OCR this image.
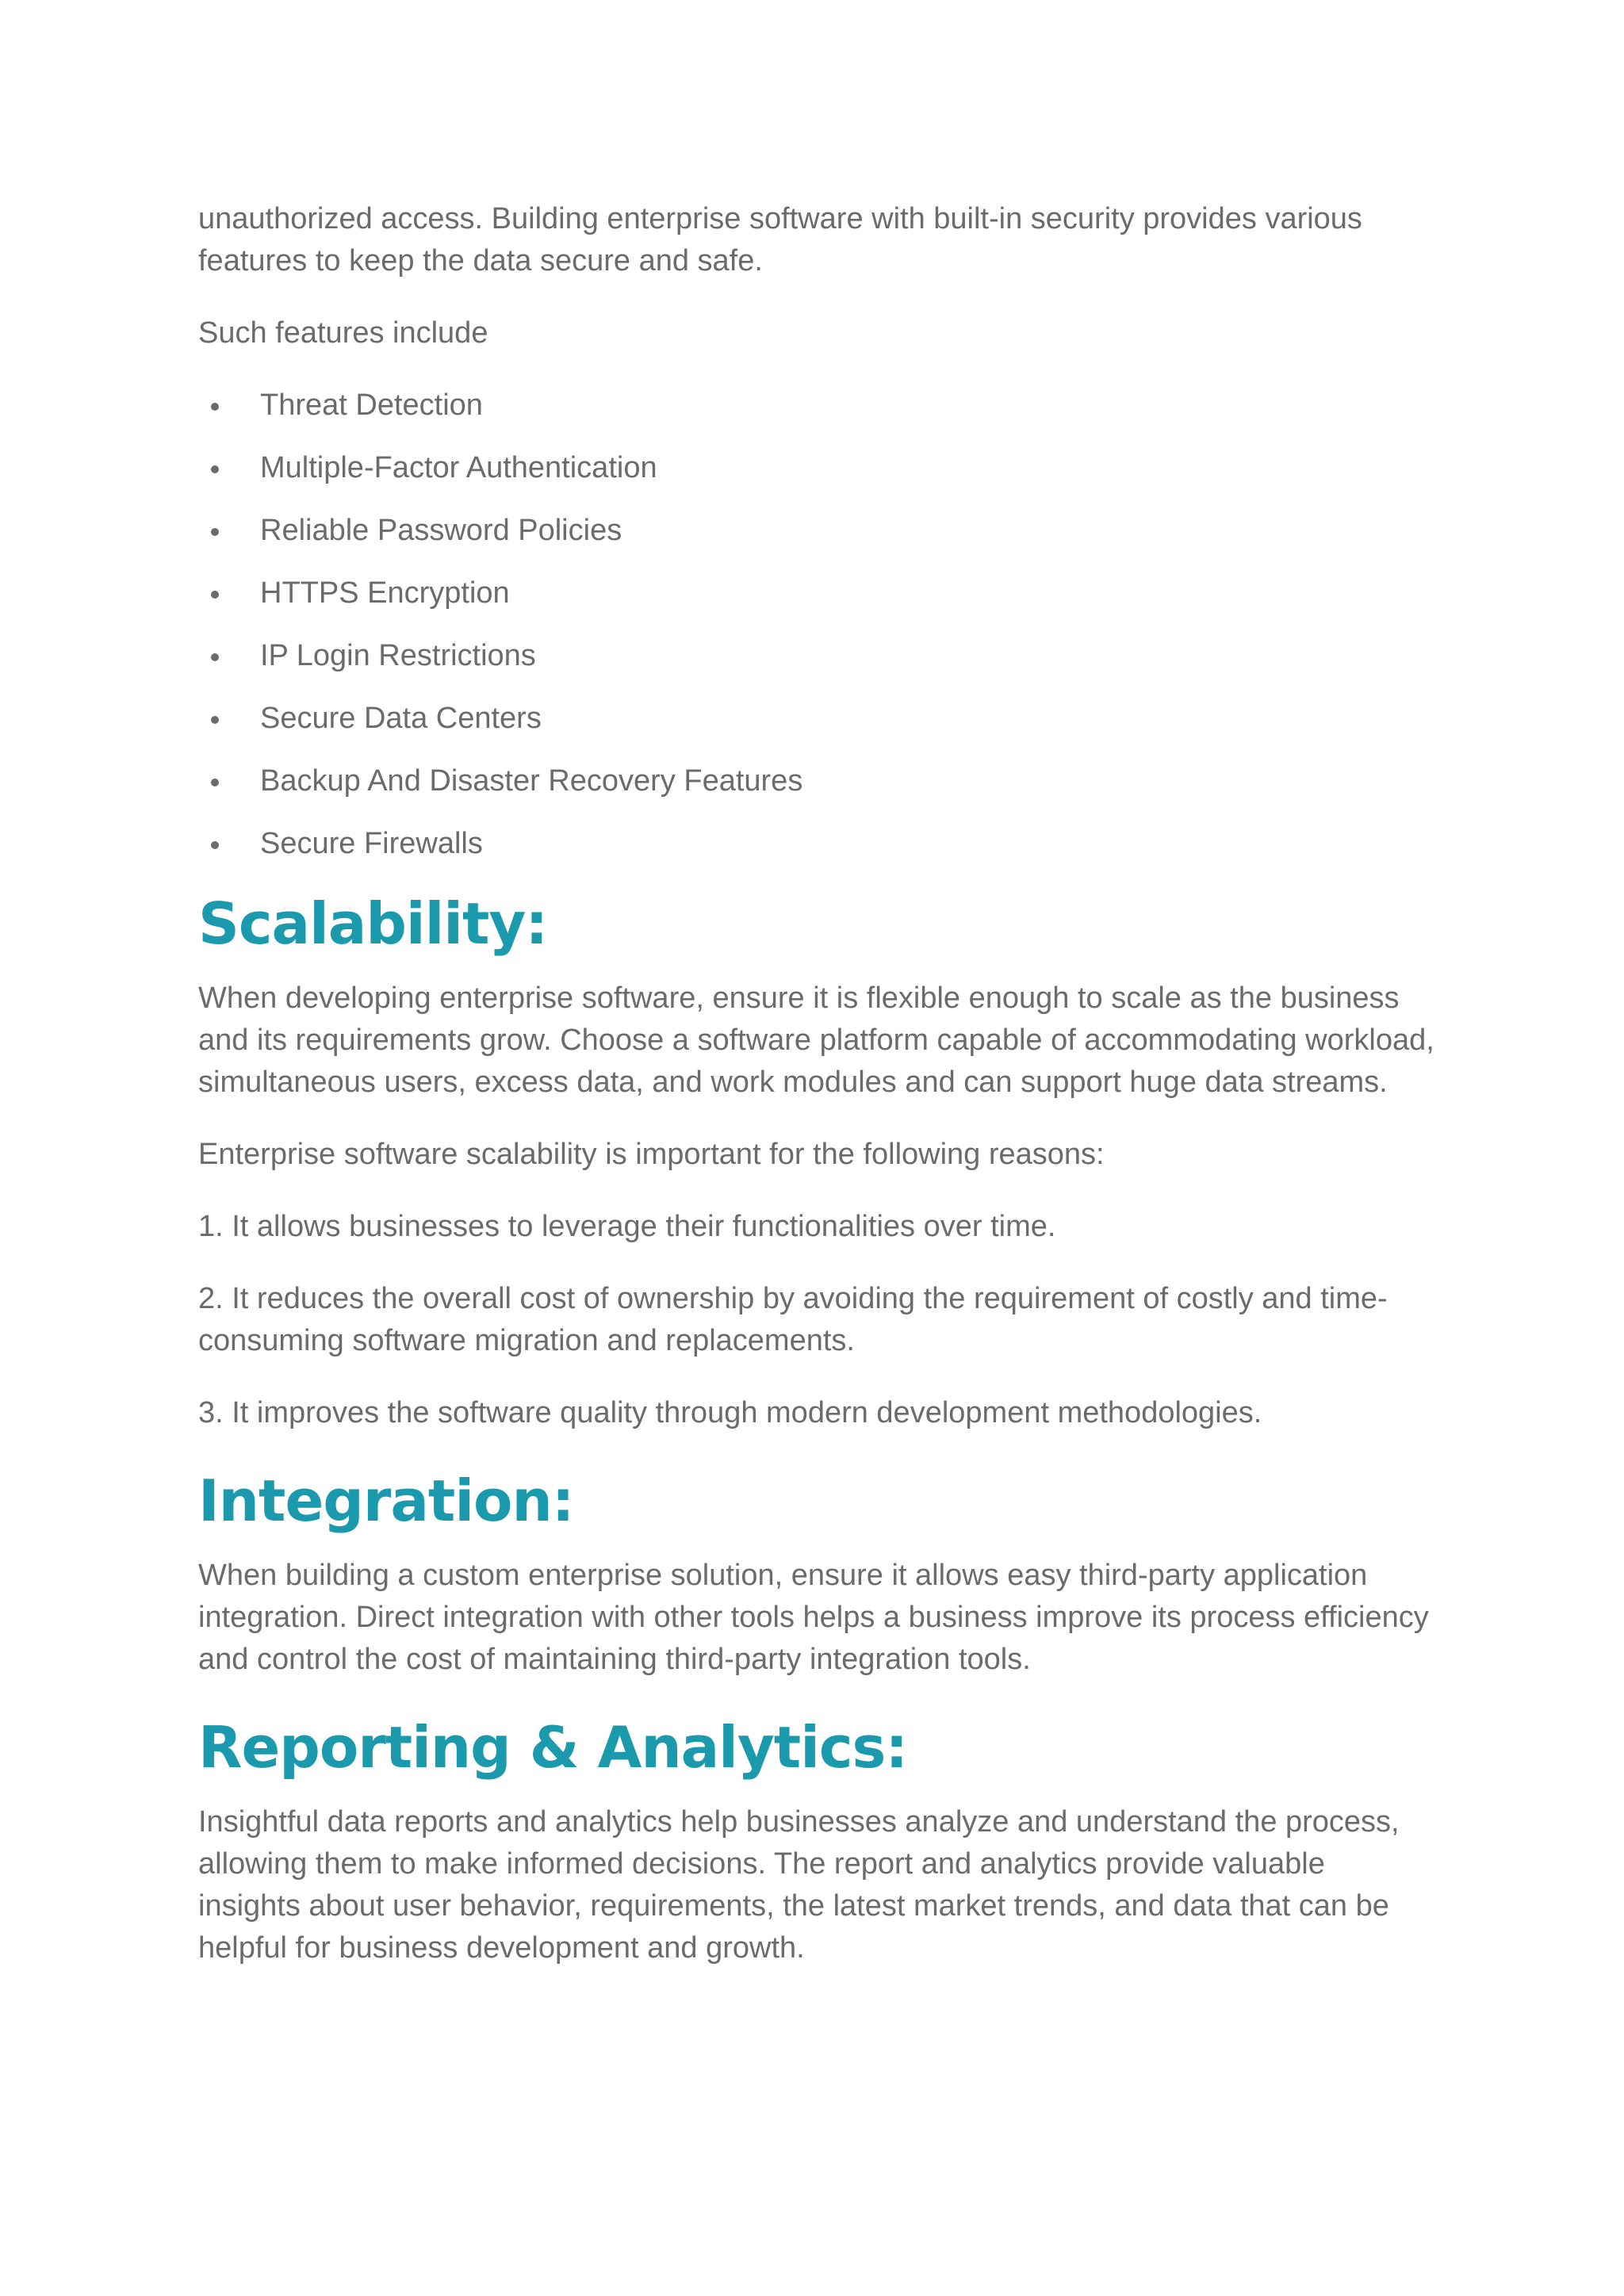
unauthorized access. Building enterprise software with built-in security provides various features to keep the data secure and safe.

Such features include

Threat Detection
Multiple-Factor Authentication
Reliable Password Policies
HTTPS Encryption
IP Login Restrictions
Secure Data Centers
Backup And Disaster Recovery Features
Secure Firewalls
Scalability:

When developing enterprise software, ensure it is flexible enough to scale as the business and its requirements grow. Choose a software platform capable of accommodating workload, simultaneous users, excess data, and work modules and can support huge data streams.

Enterprise software scalability is important for the following reasons:

1. It allows businesses to leverage their functionalities over time.

2. It reduces the overall cost of ownership by avoiding the requirement of costly and time-consuming software migration and replacements.

3. It improves the software quality through modern development methodologies.

Integration:

When building a custom enterprise solution, ensure it allows easy third-party application integration. Direct integration with other tools helps a business improve its process efficiency and control the cost of maintaining third-party integration tools.

Reporting & Analytics:

Insightful data reports and analytics help businesses analyze and understand the process, allowing them to make informed decisions. The report and analytics provide valuable insights about user behavior, requirements, the latest market trends, and data that can be helpful for business development and growth.
